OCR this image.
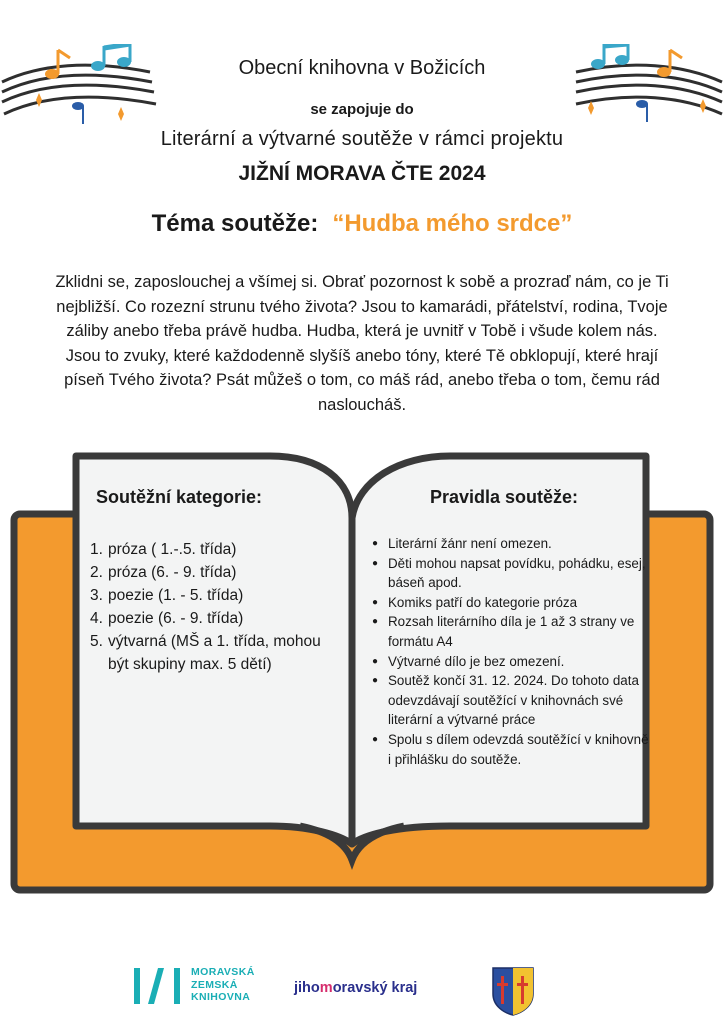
Obecní knihovna v Božicích
se zapojuje do
Literární a výtvarné soutěže v rámci projektu
JIŽNÍ MORAVA ČTE 2024
Téma soutěže: “Hudba mého srdce”
Zklidni se, zaposlouchej a všímej si. Obrať pozornost k sobě a prozraď nám, co je Ti nejbližší. Co rozezní strunu tvého života? Jsou to kamarádi, přátelství, rodina, Tvoje záliby anebo třeba právě hudba. Hudba, která je uvnitř v Tobě i všude kolem nás. Jsou to zvuky, které každodenně slyšíš anebo tóny, které Tě obklopují, které hrají píseň Tvého života? Psát můžeš o tom, co máš rád, anebo třeba o tom, čemu rád nasloucháš.
Soutěžní kategorie:	Pravidla soutěže:
1. próza ( 1.-.5. třída)
2. próza (6. - 9. třída)
3. poezie (1. - 5. třída)
4. poezie (6. - 9. třída)
5. výtvarná (MŠ a 1. třída, mohou být skupiny max. 5 dětí)
● Literární žánr není omezen.
● Děti mohou napsat povídku, pohádku, esej, báseň apod.
● Komiks patří do kategorie próza
● Rozsah literárního díla je 1 až 3 strany ve formátu A4
● Výtvarné dílo je bez omezení.
● Soutěž končí 31. 12. 2024. Do tohoto data odevzdávají soutěžící v knihovnách své literární a výtvarné práce
● Spolu s dílem odevzdá soutěžící v knihovně i přihlášku do soutěže.
MORAVSKÁ
ZEMSKÁ
KNIHOVNA
jihomoravský kraj
